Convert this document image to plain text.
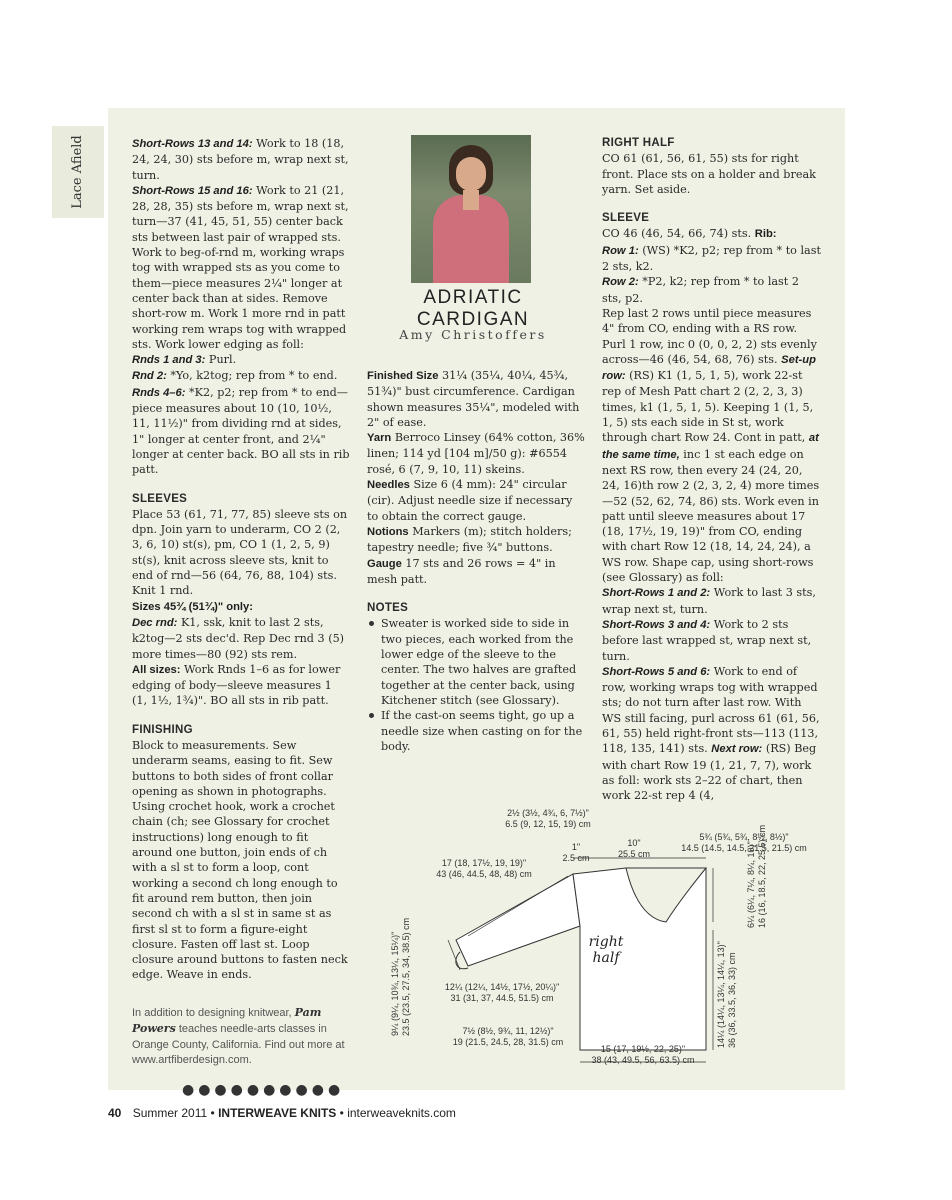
Lace Afield	Short-Rows 13 and 14: Work to 18 (18, 24, 24, 30) sts before m, wrap next st, turn.

Short-Rows 15 and 16: Work to 21 (21, 28, 28, 35) sts before m, wrap next st, turn—37 (41, 45, 51, 55) center back sts between last pair of wrapped sts. Work to beg-of-rnd m, working wraps tog with wrapped sts as you come to them—piece measures 2¼" longer at center back than at sides. Remove short-row m. Work 1 more rnd in patt working rem wraps tog with wrapped sts. Work lower edging as foll:

Rnds 1 and 3: Purl.

Rnd 2: *Yo, k2tog; rep from * to end.

Rnds 4–6: *K2, p2; rep from * to end—piece measures about 10 (10, 10½, 11, 11½)" from dividing rnd at sides, 1" longer at center front, and 2¼" longer at center back. BO all sts in rib patt.

SLEEVES

Place 53 (61, 71, 77, 85) sleeve sts on dpn. Join yarn to underarm, CO 2 (2, 3, 6, 10) st(s), pm, CO 1 (1, 2, 5, 9) st(s), knit across sleeve sts, knit to end of rnd—56 (64, 76, 88, 104) sts. Knit 1 rnd.

Sizes 45¾ (51¾)" only:

Dec rnd: K1, ssk, knit to last 2 sts, k2tog—2 sts dec'd. Rep Dec rnd 3 (5) more times—80 (92) sts rem.

All sizes: Work Rnds 1–6 as for lower edging of body—sleeve measures 1 (1, 1½, 1¾)". BO all sts in rib patt.

FINISHING

Block to measurements. Sew underarm seams, easing to fit. Sew buttons to both sides of front collar opening as shown in photographs. Using crochet hook, work a crochet chain (ch; see Glossary for crochet instructions) long enough to fit around one button, join ends of ch with a sl st to form a loop, cont working a second ch long enough to fit around rem button, then join second ch with a sl st in same st as first sl st to form a figure-eight closure. Fasten off last st. Loop closure around buttons to fasten neck edge. Weave in ends.

In addition to designing knitwear, Pam Powers teaches needle-arts classes in Orange County, California. Find out more at www.artfiberdesign.com.

●●●●●●●●●●

ADRIATIC CARDIGAN
Amy Christoffers

Finished Size 31¼ (35¼, 40¼, 45¾, 51¾)" bust circumference. Cardigan shown measures 35¼", modeled with 2" of ease.

Yarn Berroco Linsey (64% cotton, 36% linen; 114 yd [104 m]/50 g): #6554 rosé, 6 (7, 9, 10, 11) skeins.

Needles Size 6 (4 mm): 24" circular (cir). Adjust needle size if necessary to obtain the correct gauge.

Notions Markers (m); stitch holders; tapestry needle; five ¾" buttons.

Gauge 17 sts and 26 rows = 4" in mesh patt.

NOTES

Sweater is worked side to side in two pieces, each worked from the lower edge of the sleeve to the center. The two halves are grafted together at the center back, using Kitchener stitch (see Glossary).
If the cast-on seems tight, go up a needle size when casting on for the body.

RIGHT HALF

CO 61 (61, 56, 61, 55) sts for right front. Place sts on a holder and break yarn. Set aside.

SLEEVE

CO 46 (46, 54, 66, 74) sts. Rib:

Row 1: (WS) *K2, p2; rep from * to last 2 sts, k2.

Row 2: *P2, k2; rep from * to last 2 sts, p2.

Rep last 2 rows until piece measures 4" from CO, ending with a RS row. Purl 1 row, inc 0 (0, 0, 2, 2) sts evenly across—46 (46, 54, 68, 76) sts. Set-up row: (RS) K1 (1, 5, 1, 5), work 22-st rep of Mesh Patt chart 2 (2, 2, 3, 3) times, k1 (1, 5, 1, 5). Keeping 1 (1, 5, 1, 5) sts each side in St st, work through chart Row 24. Cont in patt, at the same time, inc 1 st each edge on next RS row, then every 24 (24, 20, 24, 16)th row 2 (2, 3, 2, 4) more times—52 (52, 62, 74, 86) sts. Work even in patt until sleeve measures about 17 (18, 17½, 19, 19)" from CO, ending with chart Row 12 (18, 14, 24, 24), a WS row. Shape cap, using short-rows (see Glossary) as foll:

Short-Rows 1 and 2: Work to last 3 sts, wrap next st, turn.

Short-Rows 3 and 4: Work to 2 sts before last wrapped st, wrap next st, turn.

Short-Rows 5 and 6: Work to end of row, working wraps tog with wrapped sts; do not turn after last row. With WS still facing, purl across 61 (61, 56, 61, 55) held right-front sts—113 (113, 118, 135, 141) sts. Next row: (RS) Beg with chart Row 19 (1, 21, 7, 7), work as foll: work sts 2–22 of chart, then work 22-st rep 4 (4,

2½ (3½, 4¾, 6, 7½)"
6.5 (9, 12, 15, 19) cm
1"
2.5 cm
10"
25.5 cm
5¾ (5¾, 5¾, 8½, 8½)"
14.5 (14.5, 14.5, 21.5, 21.5) cm
17 (18, 17½, 19, 19)"
43 (46, 44.5, 48, 48) cm
9¼ (9¼, 10¾, 13¼, 15¼)" 23.5 (23.5, 27.5, 34, 38.5) cm	12¼ (12¼, 14½, 17½, 20¼)"
31 (31, 37, 44.5, 51.5) cm
7½ (8½, 9¾, 11, 12½)"
19 (21.5, 24.5, 28, 31.5) cm
15 (17, 19½, 22, 25)"
38 (43, 49.5, 56, 63.5) cm
14¼ (14¼, 13¼, 14¼, 13)" 36 (36, 33.5, 36, 33) cm
6¼ (6¼, 7¼, 8¼, 10)" 16 (16, 18.5, 22, 25.5) cm
right half
40 Summer 2011 • INTERWEAVE KNITS • interweaveknits.com
